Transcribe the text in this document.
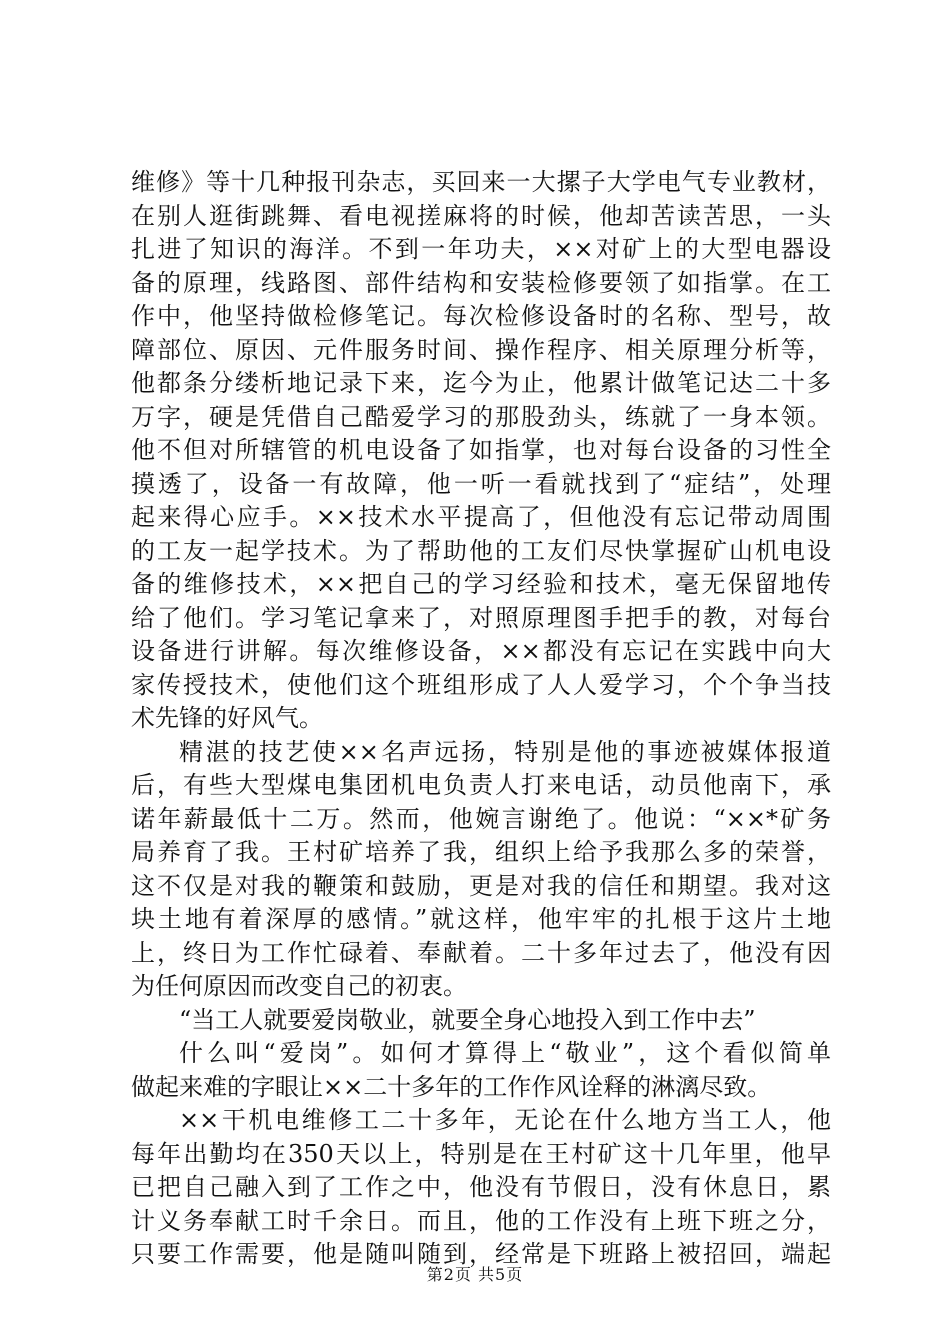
维修》等十几种报刊杂志，买回来一大摞子大学电气专业教材，
在别人逛街跳舞、看电视搓麻将的时候，他却苦读苦思，一头
扎进了知识的海洋。不到一年功夫，××对矿上的大型电器设
备的原理，线路图、部件结构和安装检修要领了如指掌。在工
作中，他坚持做检修笔记。每次检修设备时的名称、型号，故
障部位、原因、元件服务时间、操作程序、相关原理分析等，
他都条分缕析地记录下来，迄今为止，他累计做笔记达二十多
万字，硬是凭借自己酷爱学习的那股劲头，练就了一身本领。
他不但对所辖管的机电设备了如指掌，也对每台设备的习性全
摸透了，设备一有故障，他一听一看就找到了“症结”，处理
起来得心应手。××技术水平提高了，但他没有忘记带动周围
的工友一起学技术。为了帮助他的工友们尽快掌握矿山机电设
备的维修技术，××把自己的学习经验和技术，毫无保留地传
给了他们。学习笔记拿来了，对照原理图手把手的教，对每台
设备进行讲解。每次维修设备，××都没有忘记在实践中向大
家传授技术，使他们这个班组形成了人人爱学习，个个争当技
术先锋的好风气。
精湛的技艺使××名声远扬，特别是他的事迹被媒体报道
后，有些大型煤电集团机电负责人打来电话，动员他南下，承
诺年薪最低十二万。然而，他婉言谢绝了。他说：“××*矿务
局养育了我。王村矿培养了我，组织上给予我那么多的荣誉，
这不仅是对我的鞭策和鼓励，更是对我的信任和期望。我对这
块土地有着深厚的感情。”就这样，他牢牢的扎根于这片土地
上，终日为工作忙碌着、奉献着。二十多年过去了，他没有因
为任何原因而改变自己的初衷。
“当工人就要爱岗敬业，就要全身心地投入到工作中去”
什么叫“爱岗”。如何才算得上“敬业”，这个看似简单
做起来难的字眼让××二十多年的工作作风诠释的淋漓尽致。
××干机电维修工二十多年，无论在什么地方当工人，他
每年出勤均在350天以上，特别是在王村矿这十几年里，他早
已把自己融入到了工作之中，他没有节假日，没有休息日，累
计义务奉献工时千余日。而且，他的工作没有上班下班之分，
只要工作需要，他是随叫随到，经常是下班路上被招回，端起
第2页 共5页
